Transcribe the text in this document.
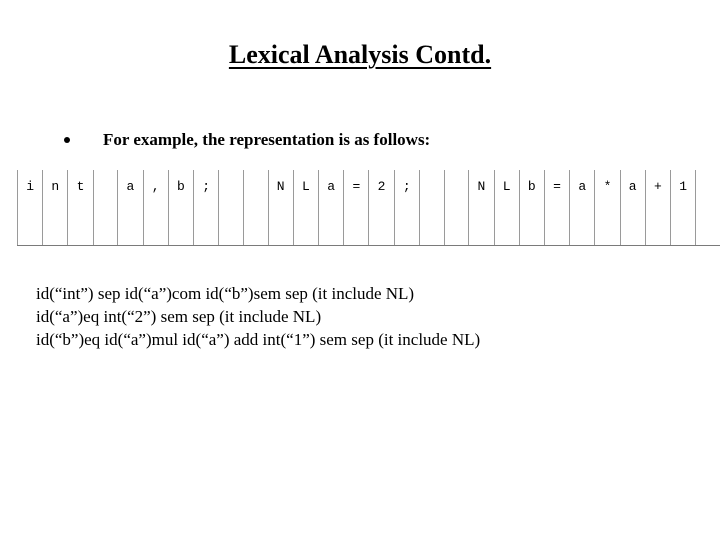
Lexical Analysis Contd.
For example, the representation is as follows:
i	n	t		a	,	b	;			N	L	a	=	2	;			N	L	b	=	a	*	a	+	1	
id(“int”) sep id(“a”)com id(“b”)sem sep (it include NL)
id(“a”)eq int(“2”) sem sep (it include NL)
id(“b”)eq id(“a”)mul id(“a”) add int(“1”) sem sep (it include NL)
